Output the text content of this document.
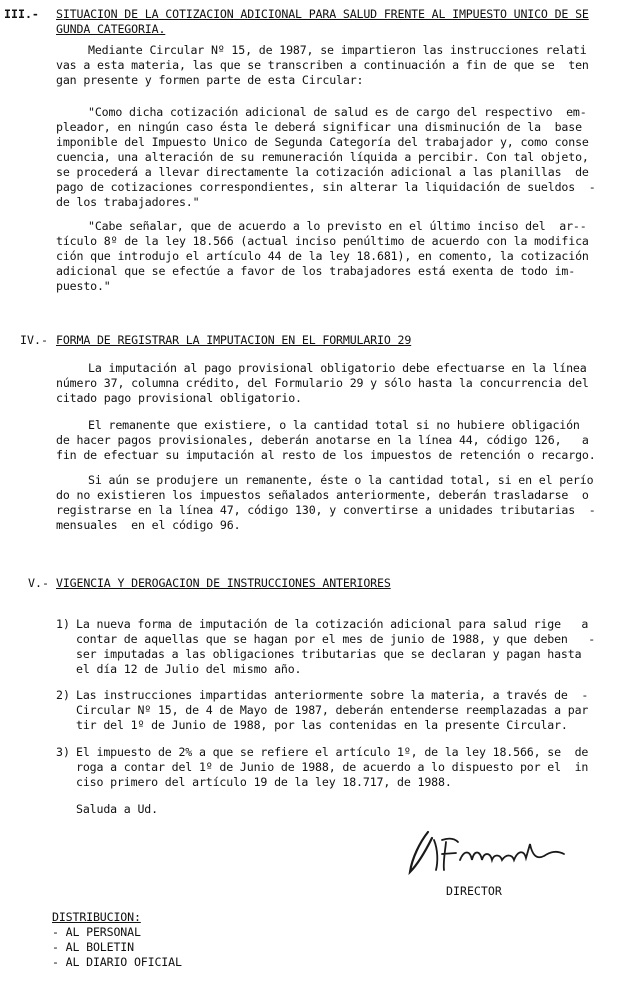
III.- SITUACION DE LA COTIZACION ADICIONAL PARA SALUD FRENTE AL IMPUESTO UNICO DE SE
GUNDA CATEGORIA.
Mediante Circular Nº 15, de 1987, se impartieron las instrucciones relati
vas a esta materia, las que se transcriben a continuación a fin de que se  ten
gan presente y formen parte de esta Circular:
"Como dicha cotización adicional de salud es de cargo del respectivo  em-
pleador, en ningún caso ésta le deberá significar una disminución de la  base
imponible del Impuesto Unico de Segunda Categoría del trabajador y, como conse
cuencia, una alteración de su remuneración líquida a percibir. Con tal objeto,
se procederá a llevar directamente la cotización adicional a las planillas  de
pago de cotizaciones correspondientes, sin alterar la liquidación de sueldos  -
de los trabajadores."
"Cabe señalar, que de acuerdo a lo previsto en el último inciso del  ar--
tículo 8º de la ley 18.566 (actual inciso penúltimo de acuerdo con la modifica
ción que introdujo el artículo 44 de la ley 18.681), en comento, la cotización
adicional que se efectúe a favor de los trabajadores está exenta de todo im-
puesto."
IV.- FORMA DE REGISTRAR LA IMPUTACION EN EL FORMULARIO 29
La imputación al pago provisional obligatorio debe efectuarse en la línea
número 37, columna crédito, del Formulario 29 y sólo hasta la concurrencia del
citado pago provisional obligatorio.
El remanente que existiere, o la cantidad total si no hubiere obligación
de hacer pagos provisionales, deberán anotarse en la línea 44, código 126,   a
fin de efectuar su imputación al resto de los impuestos de retención o recargo.
Si aún se produjere un remanente, éste o la cantidad total, si en el perío
do no existieren los impuestos señalados anteriormente, deberán trasladarse  o
registrarse en la línea 47, código 130, y convertirse a unidades tributarias  -
mensuales  en el código 96.
V.- VIGENCIA Y DEROGACION DE INSTRUCCIONES ANTERIORES
1) La nueva forma de imputación de la cotización adicional para salud rige   a
contar de aquellas que se hagan por el mes de junio de 1988, y que deben   -
ser imputadas a las obligaciones tributarias que se declaran y pagan hasta
el día 12 de Julio del mismo año.
2) Las instrucciones impartidas anteriormente sobre la materia, a través de  -
Circular Nº 15, de 4 de Mayo de 1987, deberán entenderse reemplazadas a par
tir del 1º de Junio de 1988, por las contenidas en la presente Circular.
3) El impuesto de 2% a que se refiere el artículo 1º, de la ley 18.566, se  de
roga a contar del 1º de Junio de 1988, de acuerdo a lo dispuesto por el  in
ciso primero del artículo 19 de la ley 18.717, de 1988.
Saluda a Ud.
DIRECTOR
DISTRIBUCION:
- AL PERSONAL
- AL BOLETIN
- AL DIARIO OFICIAL
